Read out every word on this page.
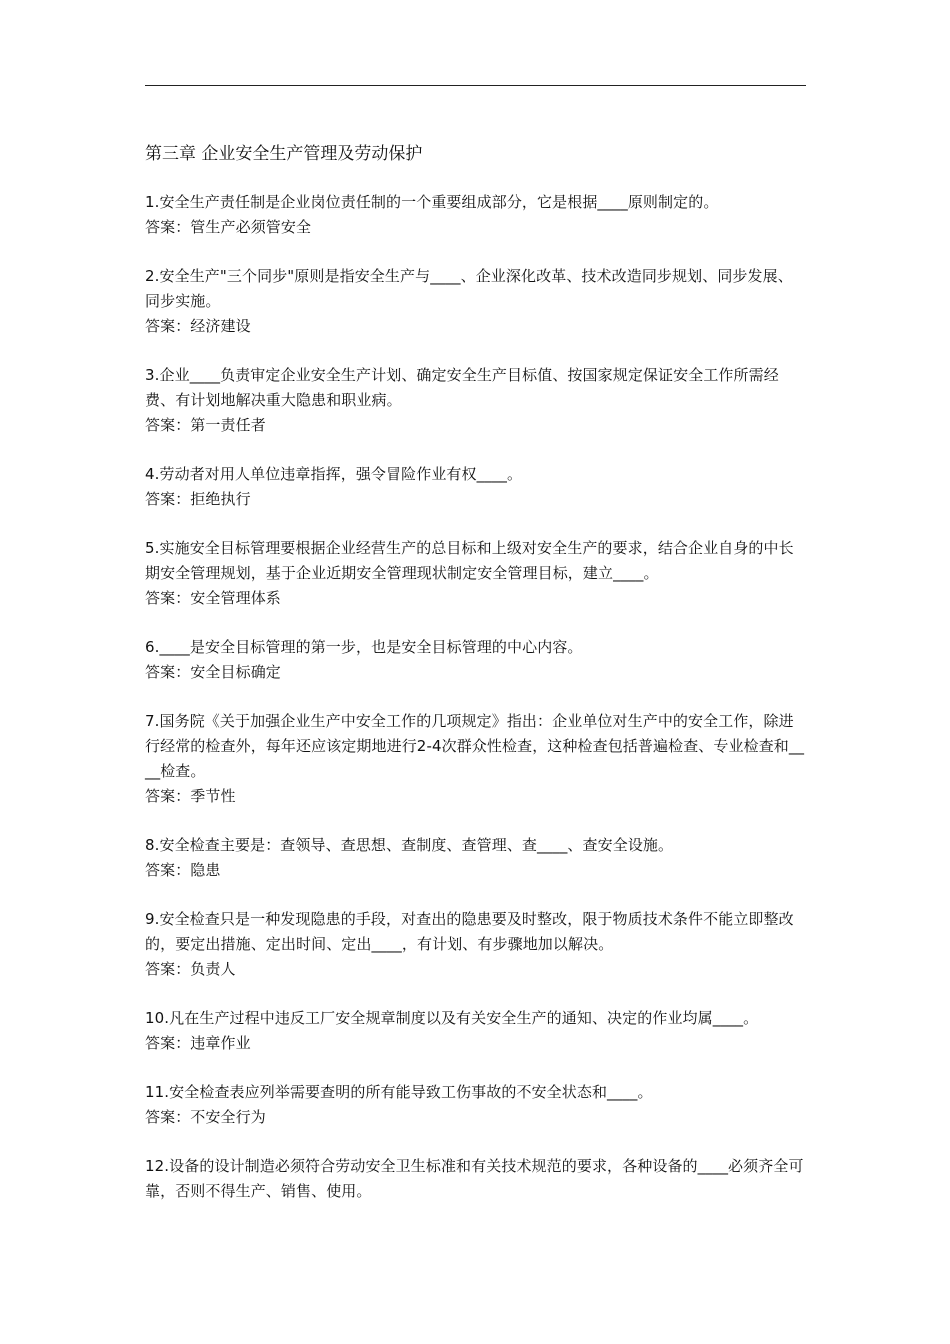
第三章 企业安全生产管理及劳动保护

1.安全生产责任制是企业岗位责任制的一个重要组成部分，它是根据____原则制定的。

答案：管生产必须管安全

2.安全生产"三个同步"原则是指安全生产与____、企业深化改革、技术改造同步规划、同步发展、同步实施。

答案：经济建设

3.企业____负责审定企业安全生产计划、确定安全生产目标值、按国家规定保证安全工作所需经费、有计划地解决重大隐患和职业病。

答案：第一责任者

4.劳动者对用人单位违章指挥，强令冒险作业有权____。

答案：拒绝执行

5.实施安全目标管理要根据企业经营生产的总目标和上级对安全生产的要求，结合企业自身的中长期安全管理规划，基于企业近期安全管理现状制定安全管理目标，建立____。

答案：安全管理体系

6.____是安全目标管理的第一步，也是安全目标管理的中心内容。

答案：安全目标确定

7.国务院《关于加强企业生产中安全工作的几项规定》指出：企业单位对生产中的安全工作，除进行经常的检查外，每年还应该定期地进行2-4次群众性检查，这种检查包括普遍检查、专业检查和____检查。

答案：季节性

8.安全检查主要是：查领导、查思想、查制度、查管理、查____、查安全设施。

答案：隐患

9.安全检查只是一种发现隐患的手段，对查出的隐患要及时整改，限于物质技术条件不能立即整改的，要定出措施、定出时间、定出____，有计划、有步骤地加以解决。

答案：负责人

10.凡在生产过程中违反工厂安全规章制度以及有关安全生产的通知、决定的作业均属____。

答案：违章作业

11.安全检查表应列举需要查明的所有能导致工伤事故的不安全状态和____。

答案：不安全行为

12.设备的设计制造必须符合劳动安全卫生标准和有关技术规范的要求，各种设备的____必须齐全可靠，否则不得生产、销售、使用。
